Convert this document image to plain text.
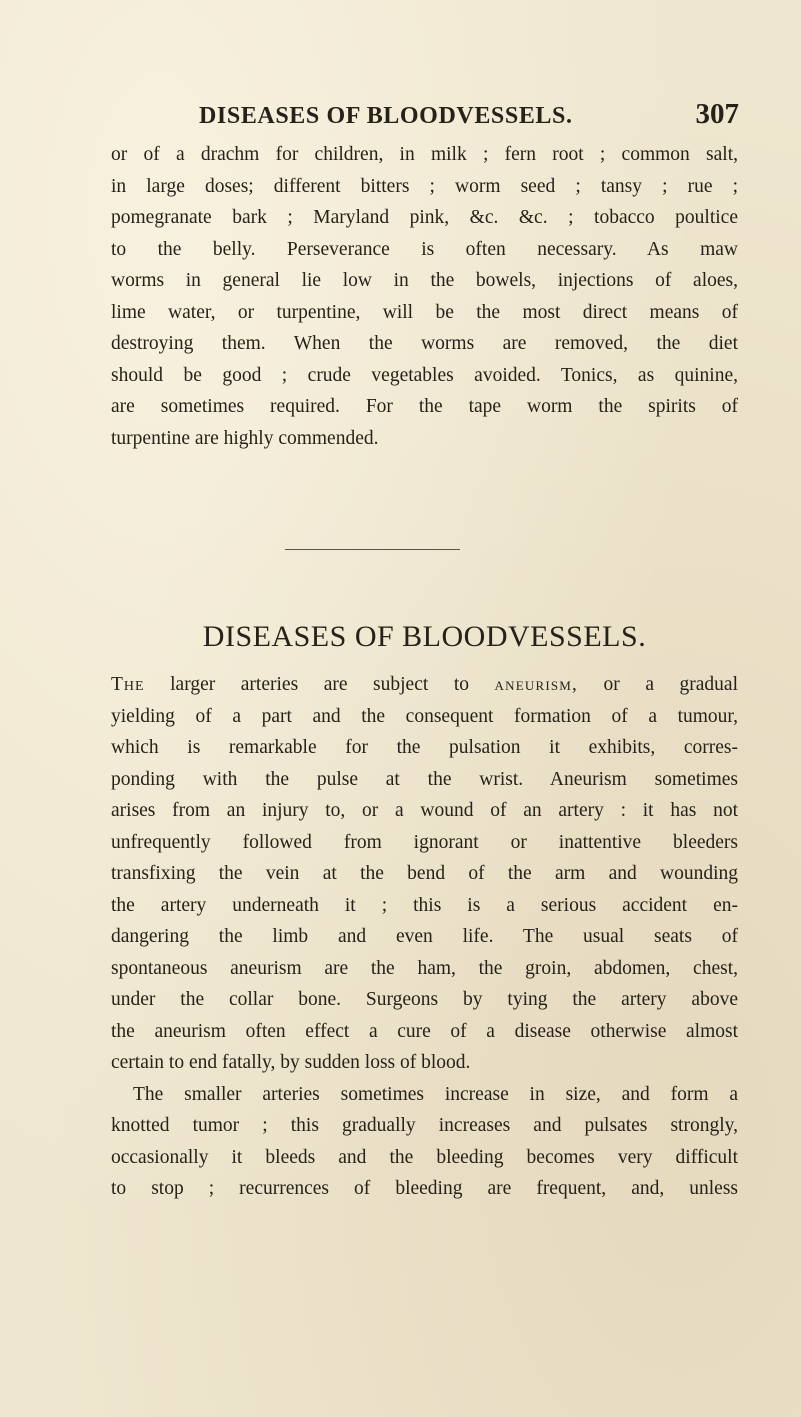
DISEASES OF BLOODVESSELS.	307
or of a drachm for children, in milk ; fern root ; common salt,
in large doses; different bitters ; worm seed ; tansy ; rue ;
pomegranate bark ; Maryland pink, &c. &c. ; tobacco poultice
to the belly. Perseverance is often necessary. As maw
worms in general lie low in the bowels, injections of aloes,
lime water, or turpentine, will be the most direct means of
destroying them. When the worms are removed, the diet
should be good ; crude vegetables avoided. Tonics, as quinine,
are sometimes required. For the tape worm the spirits of
turpentine are highly commended.
DISEASES OF BLOODVESSELS.
The larger arteries are subject to aneurism, or a gradual
yielding of a part and the consequent formation of a tumour,
which is remarkable for the pulsation it exhibits, corres-
ponding with the pulse at the wrist. Aneurism sometimes
arises from an injury to, or a wound of an artery : it has not
unfrequently followed from ignorant or inattentive bleeders
transfixing the vein at the bend of the arm and wounding
the artery underneath it ; this is a serious accident en-
dangering the limb and even life. The usual seats of
spontaneous aneurism are the ham, the groin, abdomen, chest,
under the collar bone. Surgeons by tying the artery above
the aneurism often effect a cure of a disease otherwise almost
certain to end fatally, by sudden loss of blood.
The smaller arteries sometimes increase in size, and form a
knotted tumor ; this gradually increases and pulsates strongly,
occasionally it bleeds and the bleeding becomes very difficult
to stop ; recurrences of bleeding are frequent, and, unless
